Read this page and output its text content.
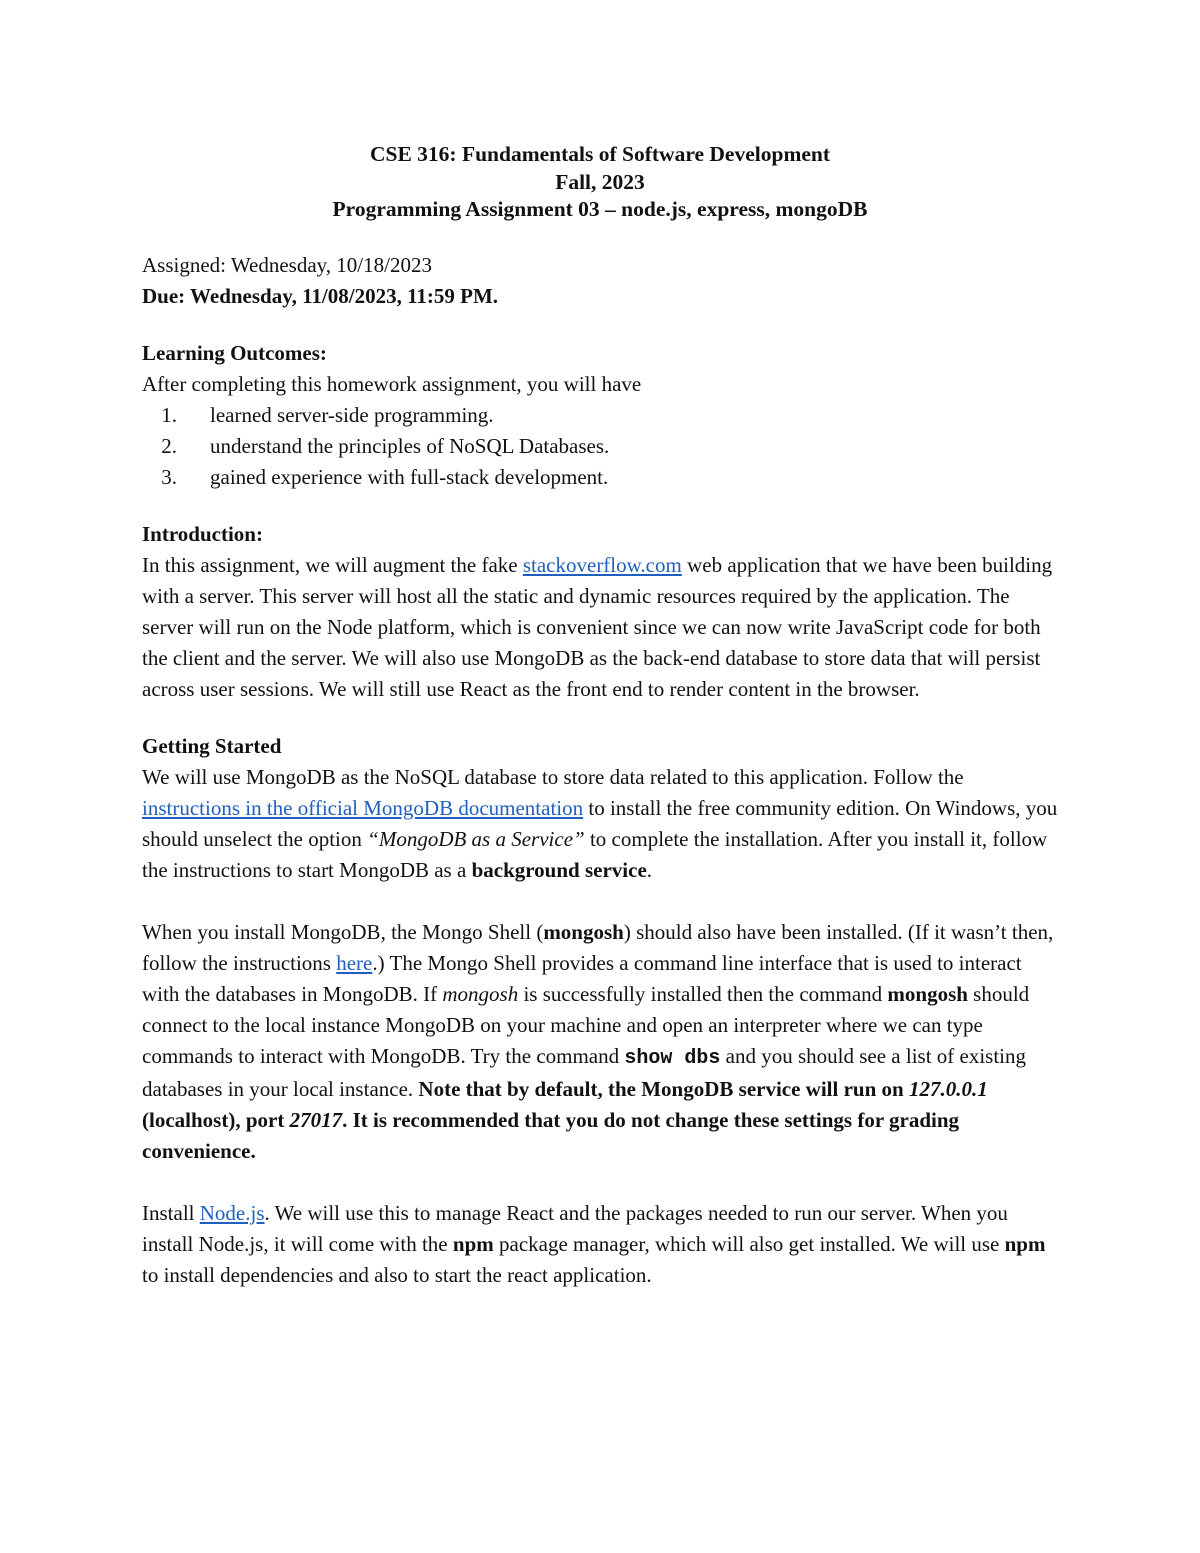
CSE 316: Fundamentals of Software Development
Fall, 2023
Programming Assignment 03 – node.js, express, mongoDB

Assigned: Wednesday, 10/18/2023

Due: Wednesday, 11/08/2023, 11:59 PM.

Learning Outcomes:

After completing this homework assignment, you will have

1. learned server-side programming.
2. understand the principles of NoSQL Databases.
3. gained experience with full-stack development.

Introduction:

In this assignment, we will augment the fake stackoverflow.com web application that we have been building with a server. This server will host all the static and dynamic resources required by the application. The server will run on the Node platform, which is convenient since we can now write JavaScript code for both the client and the server. We will also use MongoDB as the back-end database to store data that will persist across user sessions. We will still use React as the front end to render content in the browser.

Getting Started

We will use MongoDB as the NoSQL database to store data related to this application. Follow the instructions in the official MongoDB documentation to install the free community edition. On Windows, you should unselect the option “MongoDB as a Service” to complete the installation. After you install it, follow the instructions to start MongoDB as a background service.

When you install MongoDB, the Mongo Shell (mongosh) should also have been installed. (If it wasn’t then, follow the instructions here.) The Mongo Shell provides a command line interface that is used to interact with the databases in MongoDB. If mongosh is successfully installed then the command mongosh should connect to the local instance MongoDB on your machine and open an interpreter where we can type commands to interact with MongoDB. Try the command show dbs and you should see a list of existing databases in your local instance. Note that by default, the MongoDB service will run on 127.0.0.1 (localhost), port 27017. It is recommended that you do not change these settings for grading convenience.

Install Node.js. We will use this to manage React and the packages needed to run our server. When you install Node.js, it will come with the npm package manager, which will also get installed. We will use npm to install dependencies and also to start the react application.
